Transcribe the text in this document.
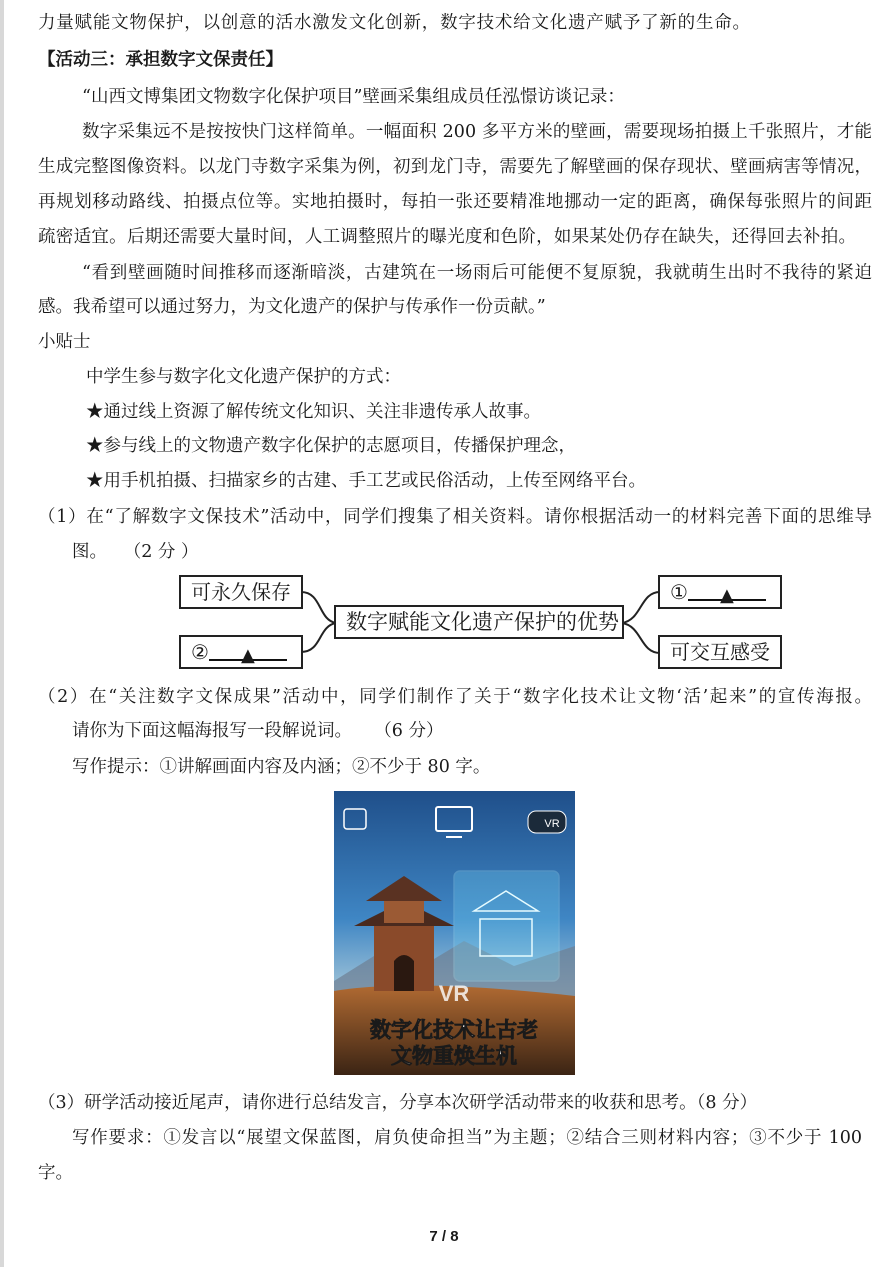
力量赋能文物保护，以创意的活水激发文化创新，数字技术给文化遗产赋予了新的生命。
【活动三：承担数字文保责任】
“山西文博集团文物数字化保护项目”壁画采集组成员任泓憬访谈记录：
数字采集远不是按按快门这样简单。一幅面积 200 多平方米的壁画，需要现场拍摄上千张照片，才能
生成完整图像资料。以龙门寺数字采集为例，初到龙门寺，需要先了解壁画的保存现状、壁画病害等情况，
再规划移动路线、拍摄点位等。实地拍摄时，每拍一张还要精准地挪动一定的距离，确保每张照片的间距
疏密适宜。后期还需要大量时间，人工调整照片的曝光度和色阶，如果某处仍存在缺失，还得回去补拍。
“看到壁画随时间推移而逐渐暗淡，古建筑在一场雨后可能便不复原貌，我就萌生出时不我待的紧迫
感。我希望可以通过努力，为文化遗产的保护与传承作一份贡献。”
小贴士
中学生参与数字化文化遗产保护的方式：
★通过线上资源了解传统文化知识、关注非遗传承人故事。
★参与线上的文物遗产数字化保护的志愿项目，传播保护理念，
★用手机拍摄、扫描家乡的古建、手工艺或民俗活动，上传至网络平台。
（1）在“了解数字文保技术”活动中，同学们搜集了相关资料。请你根据活动一的材料完善下面的思维导
图。   （2 分 ）
可永久保存
数字赋能文化遗产保护的优势
① ▲
② ▲	可交互感受
（2）在“关注数字文保成果”活动中，同学们制作了关于“数字化技术让文物‘活’起来”的宣传海报。
请你为下面这幅海报写一段解说词。    （6 分）
写作提示：①讲解画面内容及内涵；②不少于 80 字。
VR
VR
数字化技术让古老
文物重焕生机
（3）研学活动接近尾声，请你进行总结发言，分享本次研学活动带来的收获和思考。（8 分）
写作要求：①发言以“展望文保蓝图，肩负使命担当”为主题；②结合三则材料内容；③不少于 100
字。
7 / 8
